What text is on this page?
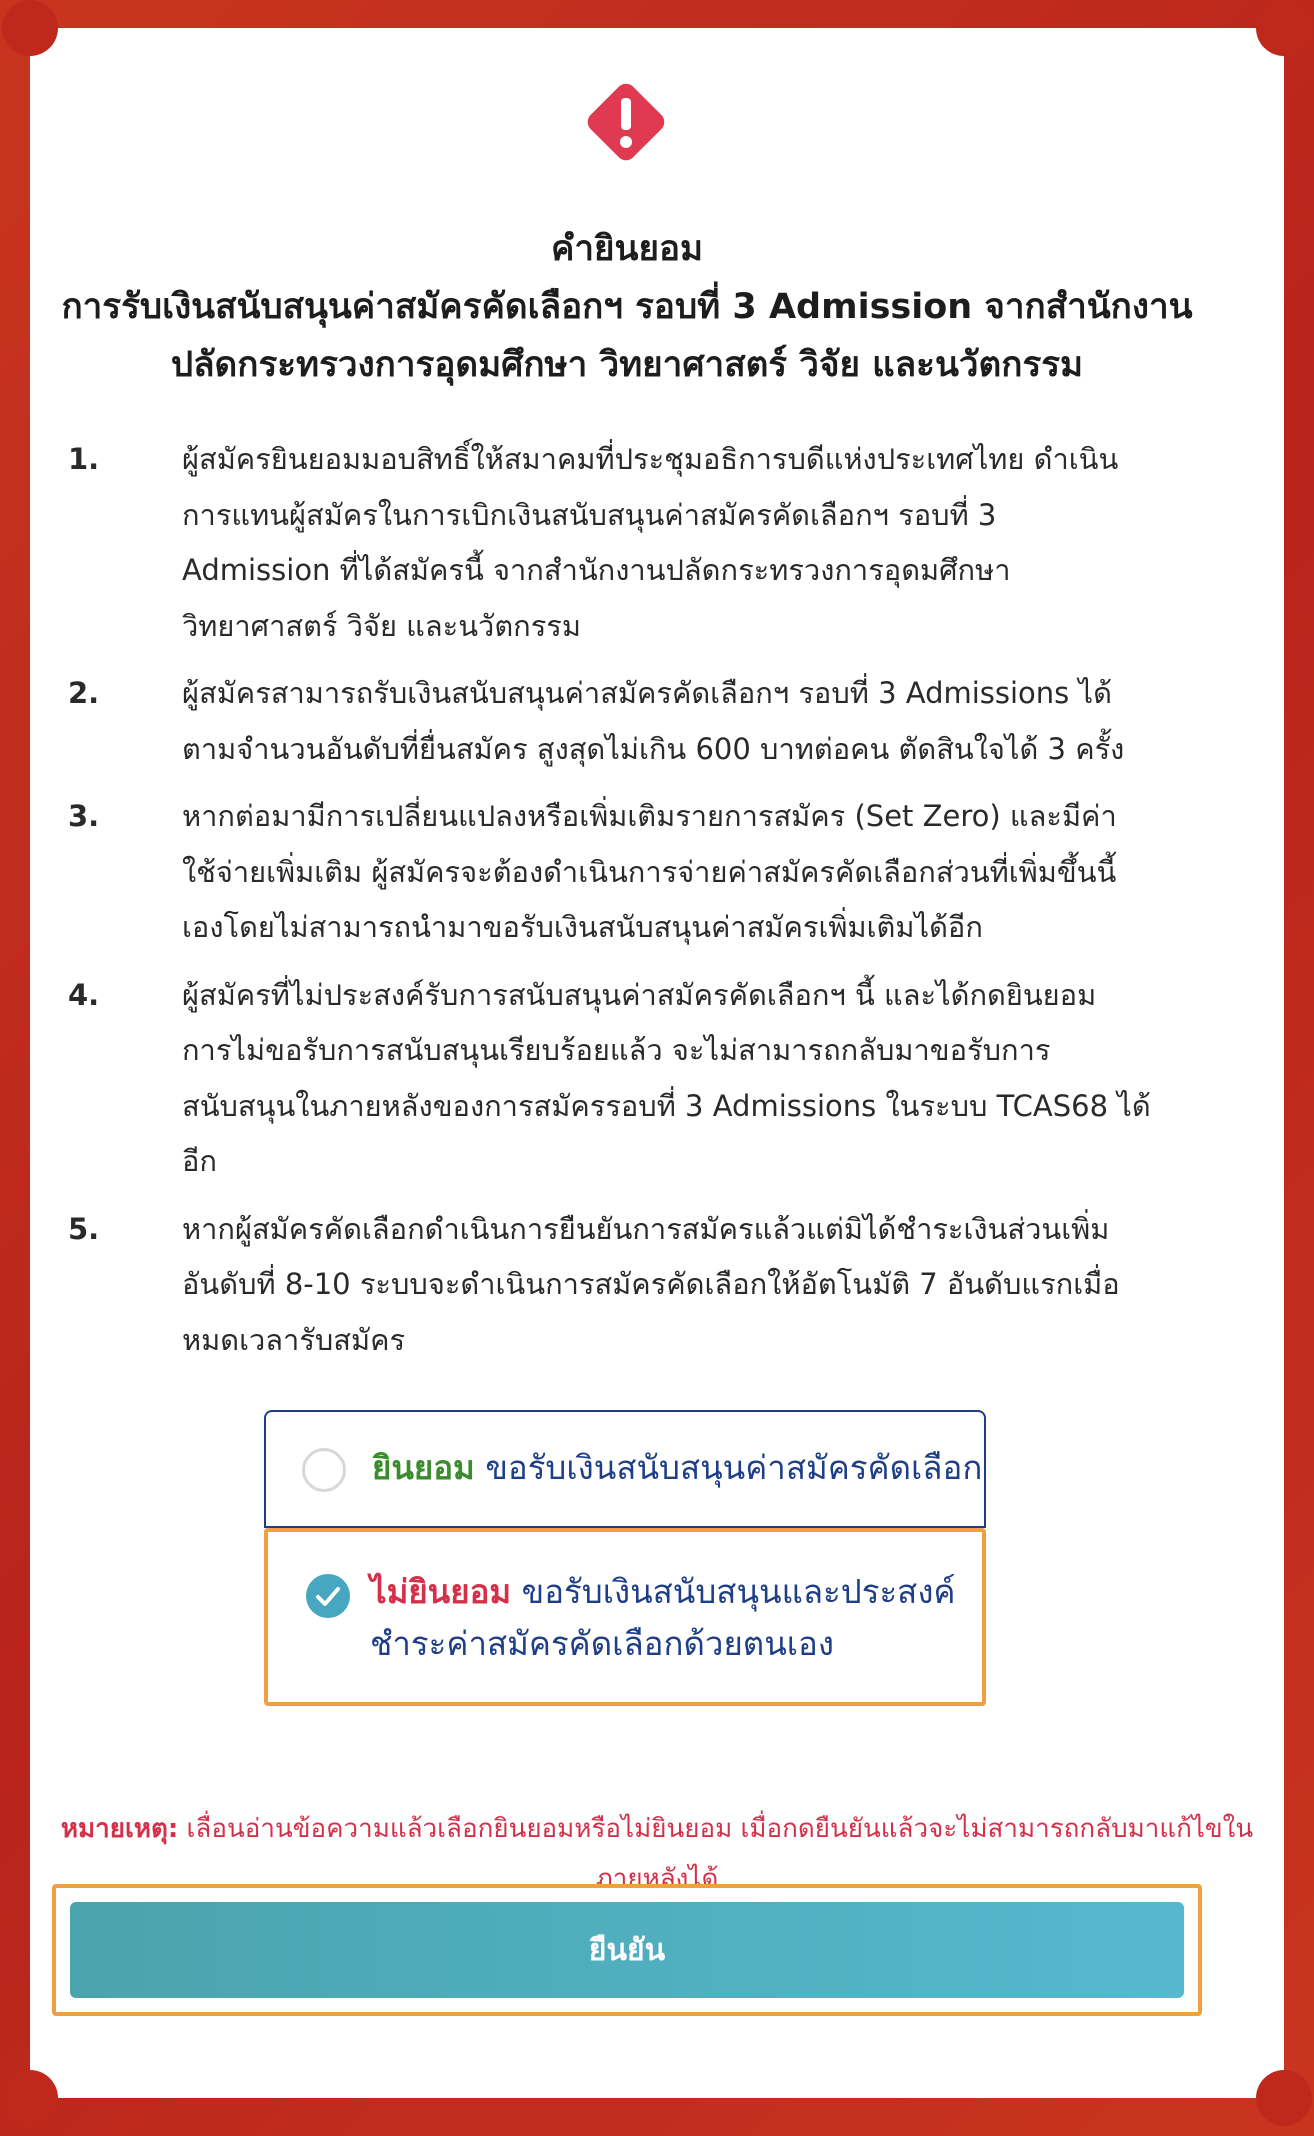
คำยินยอม
การรับเงินสนับสนุนค่าสมัครคัดเลือกฯ รอบที่ 3 Admission จากสำนักงาน
ปลัดกระทรวงการอุดมศึกษา วิทยาศาสตร์ วิจัย และนวัตกรรม
1.	ผู้สมัครยินยอมมอบสิทธิ์ให้สมาคมที่ประชุมอธิการบดีแห่งประเทศไทย ดำเนิน
การแทนผู้สมัครในการเบิกเงินสนับสนุนค่าสมัครคัดเลือกฯ รอบที่ 3
Admission ที่ได้สมัครนี้ จากสำนักงานปลัดกระทรวงการอุดมศึกษา
วิทยาศาสตร์ วิจัย และนวัตกรรม
2.	ผู้สมัครสามารถรับเงินสนับสนุนค่าสมัครคัดเลือกฯ รอบที่ 3 Admissions ได้
ตามจำนวนอันดับที่ยื่นสมัคร สูงสุดไม่เกิน 600 บาทต่อคน ตัดสินใจได้ 3 ครั้ง
3.	หากต่อมามีการเปลี่ยนแปลงหรือเพิ่มเติมรายการสมัคร (Set Zero) และมีค่า
ใช้จ่ายเพิ่มเติม ผู้สมัครจะต้องดำเนินการจ่ายค่าสมัครคัดเลือกส่วนที่เพิ่มขึ้นนี้
เองโดยไม่สามารถนำมาขอรับเงินสนับสนุนค่าสมัครเพิ่มเติมได้อีก
4.	ผู้สมัครที่ไม่ประสงค์รับการสนับสนุนค่าสมัครคัดเลือกฯ นี้ และได้กดยินยอม
การไม่ขอรับการสนับสนุนเรียบร้อยแล้ว จะไม่สามารถกลับมาขอรับการ
สนับสนุนในภายหลังของการสมัครรอบที่ 3 Admissions ในระบบ TCAS68 ได้
อีก
5.	หากผู้สมัครคัดเลือกดำเนินการยืนยันการสมัครแล้วแต่มิได้ชำระเงินส่วนเพิ่ม
อันดับที่ 8-10 ระบบจะดำเนินการสมัครคัดเลือกให้อัตโนมัติ 7 อันดับแรกเมื่อ
หมดเวลารับสมัคร
ยินยอม ขอรับเงินสนับสนุนค่าสมัครคัดเลือก
ไม่ยินยอม ขอรับเงินสนับสนุนและประสงค์
ชำระค่าสมัครคัดเลือกด้วยตนเอง
หมายเหตุ: เลื่อนอ่านข้อความแล้วเลือกยินยอมหรือไม่ยินยอม เมื่อกดยืนยันแล้วจะไม่สามารถกลับมาแก้ไขใน
ภายหลังได้
ยืนยัน
